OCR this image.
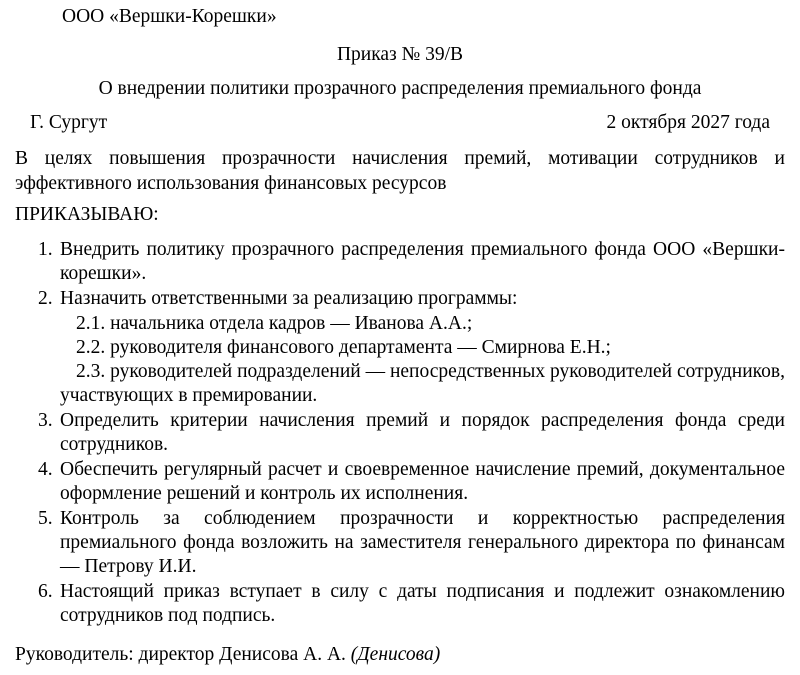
ООО «Вершки-Корешки»
Приказ № 39/В
О внедрении политики прозрачного распределения премиального фонда
Г. Сургут	2 октября 2027 года
В целях повышения прозрачности начисления премий, мотивации сотрудников и эффективного использования финансовых ресурсов
ПРИКАЗЫВАЮ:
1. Внедрить политику прозрачного распределения премиального фонда ООО «Вершки-корешки».
2. Назначить ответственными за реализацию программы:
2.1. начальника отдела кадров — Иванова А.А.;
2.2. руководителя финансового департамента — Смирнова Е.Н.;
2.3. руководителей подразделений — непосредственных руководителей сотрудников, участвующих в премировании.
3. Определить критерии начисления премий и порядок распределения фонда среди сотрудников.
4. Обеспечить регулярный расчет и своевременное начисление премий, документальное оформление решений и контроль их исполнения.
5. Контроль за соблюдением прозрачности и корректностью распределения премиального фонда возложить на заместителя генерального директора по финансам — Петрову И.И.
6. Настоящий приказ вступает в силу с даты подписания и подлежит ознакомлению сотрудников под подпись.
Руководитель: директор Денисова А. А. (Денисова)
